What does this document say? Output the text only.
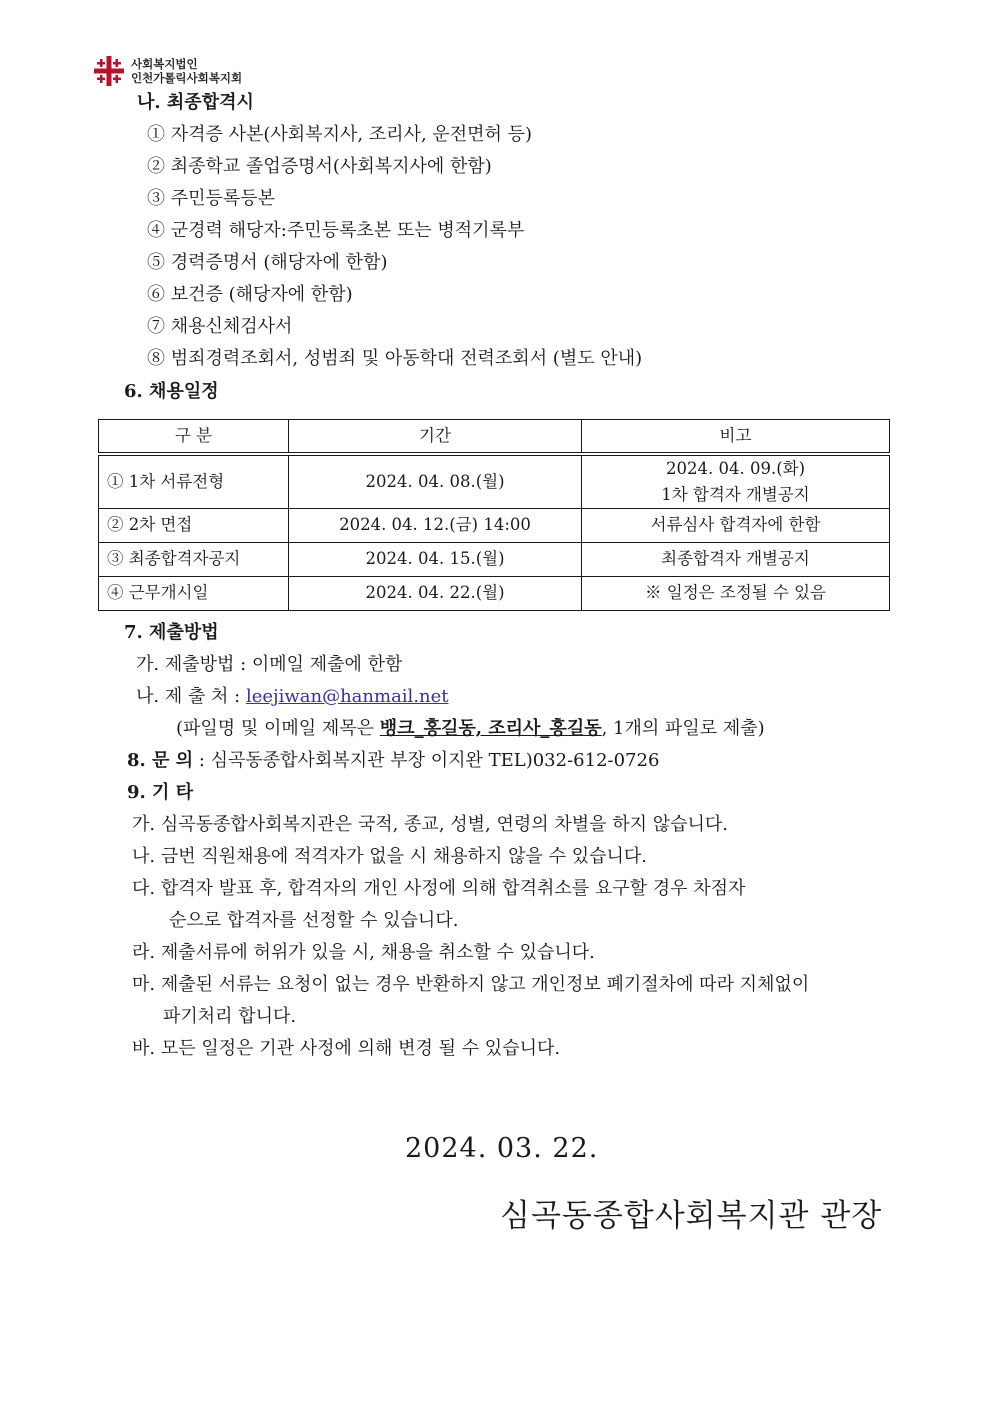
사회복지법인
인천가톨릭사회복지회
나. 최종합격시
① 자격증 사본(사회복지사, 조리사, 운전면허 등)
② 최종학교 졸업증명서(사회복지사에 한함)
③ 주민등록등본
④ 군경력 해당자:주민등록초본 또는 병적기록부
⑤ 경력증명서 (해당자에 한함)
⑥ 보건증 (해당자에 한함)
⑦ 채용신체검사서
⑧ 범죄경력조회서, 성범죄 및 아동학대 전력조회서 (별도 안내)
6. 채용일정
구 분	기간	비고
① 1차 서류전형	2024. 04. 08.(월)	2024. 04. 09.(화)
1차 합격자 개별공지

② 2차 면접	2024. 04. 12.(금) 14:00	서류심사 합격자에 한함
③ 최종합격자공지	2024. 04. 15.(월)	최종합격자 개별공지
④ 근무개시일	2024. 04. 22.(월)	※ 일정은 조정될 수 있음
7. 제출방법
가. 제출방법 : 이메일 제출에 한함
나. 제 출 처 : leejiwan@hanmail.net
(파일명 및 이메일 제목은 뱅크_홍길동, 조리사_홍길동, 1개의 파일로 제출)
8. 문 의 : 심곡동종합사회복지관 부장 이지완 TEL)032-612-0726
9. 기 타
가. 심곡동종합사회복지관은 국적, 종교, 성별, 연령의 차별을 하지 않습니다.
나. 금번 직원채용에 적격자가 없을 시 채용하지 않을 수 있습니다.
다. 합격자 발표 후, 합격자의 개인 사정에 의해 합격취소를 요구할 경우 차점자
순으로 합격자를 선정할 수 있습니다.
라. 제출서류에 허위가 있을 시, 채용을 취소할 수 있습니다.
마. 제출된 서류는 요청이 없는 경우 반환하지 않고 개인정보 폐기절차에 따라 지체없이
파기처리 합니다.
바. 모든 일정은 기관 사정에 의해 변경 될 수 있습니다.
2024. 03. 22.
심곡동종합사회복지관 관장
